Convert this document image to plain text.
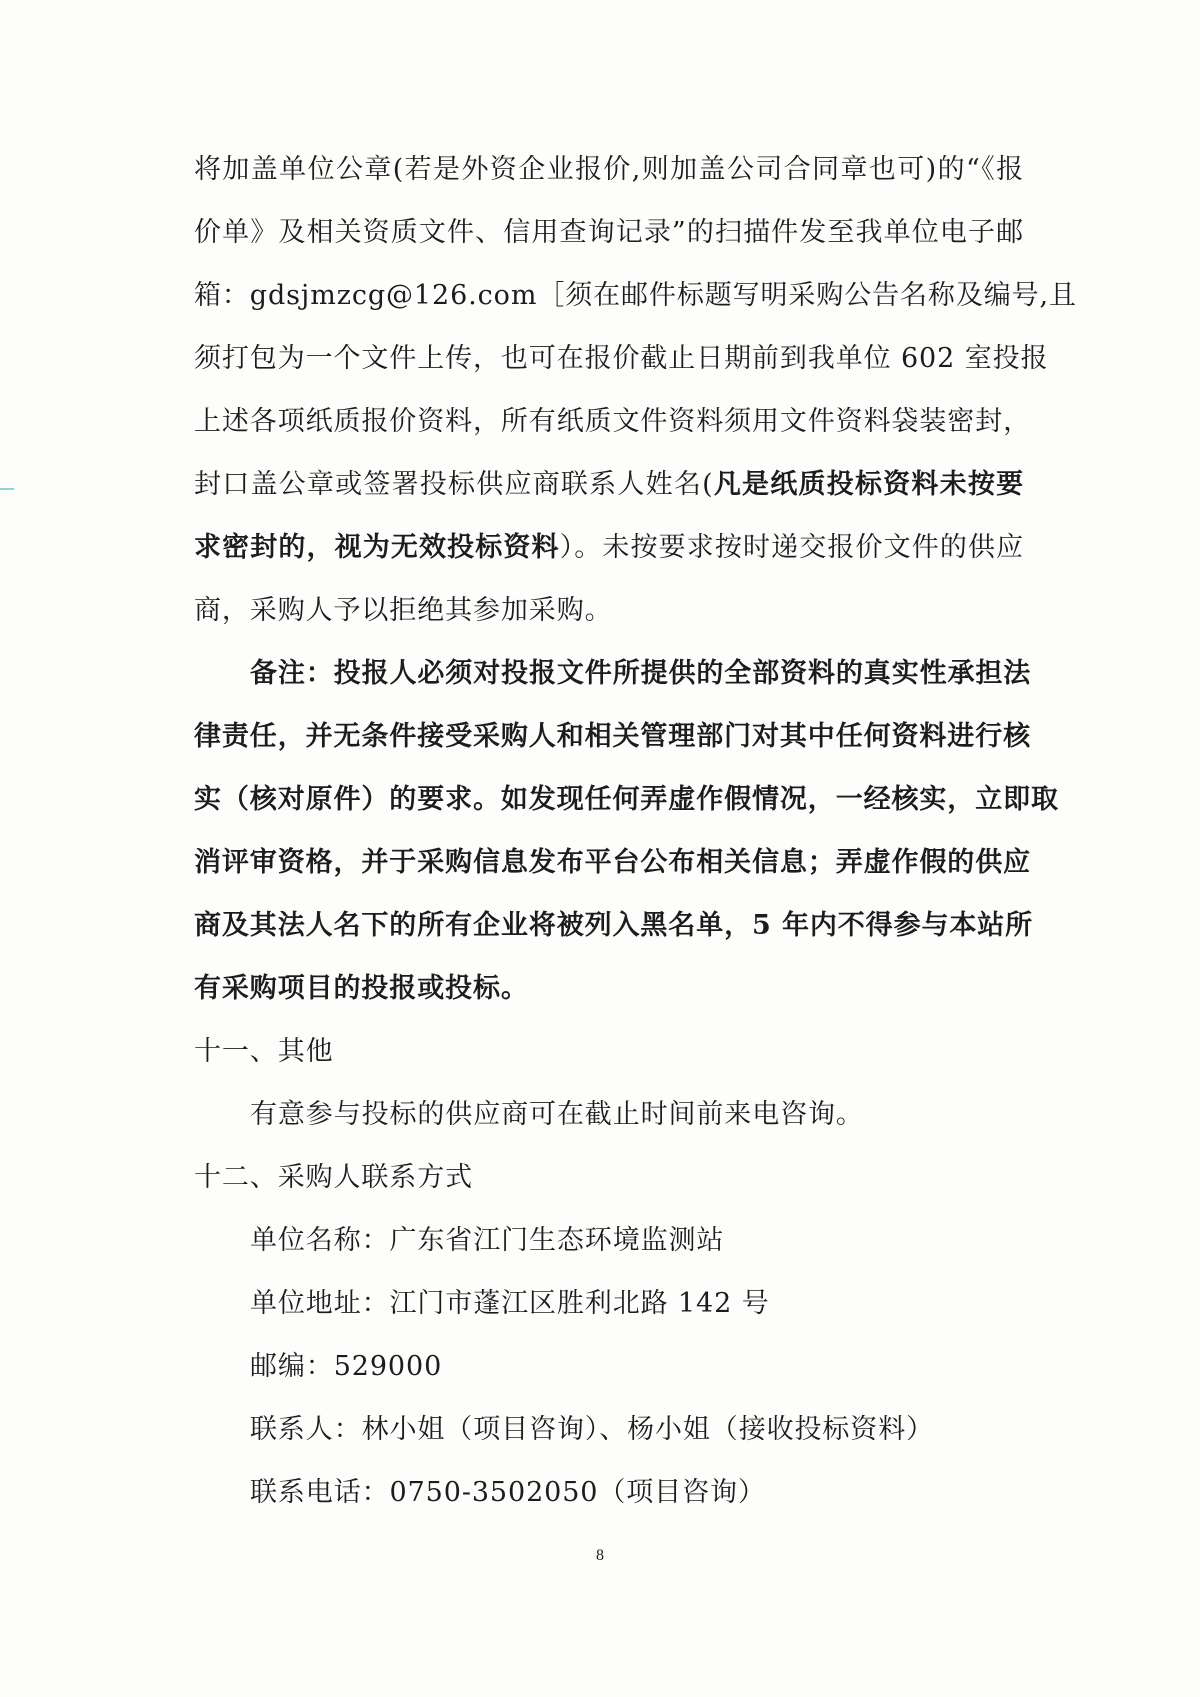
将加盖单位公章(若是外资企业报价,则加盖公司合同章也可)的“《报
价单》及相关资质文件、信用查询记录”的扫描件发至我单位电子邮
箱：gdsjmzcg@126.com［须在邮件标题写明采购公告名称及编号,且
须打包为一个文件上传，也可在报价截止日期前到我单位 602 室投报
上述各项纸质报价资料，所有纸质文件资料须用文件资料袋装密封，
封口盖公章或签署投标供应商联系人姓名(凡是纸质投标资料未按要
求密封的，视为无效投标资料）。未按要求按时递交报价文件的供应
商，采购人予以拒绝其参加采购。
备注：投报人必须对投报文件所提供的全部资料的真实性承担法
律责任，并无条件接受采购人和相关管理部门对其中任何资料进行核
实（核对原件）的要求。如发现任何弄虚作假情况，一经核实，立即取
消评审资格，并于采购信息发布平台公布相关信息；弄虚作假的供应
商及其法人名下的所有企业将被列入黑名单，5 年内不得参与本站所
有采购项目的投报或投标。
十一、其他
有意参与投标的供应商可在截止时间前来电咨询。
十二、采购人联系方式
单位名称：广东省江门生态环境监测站
单位地址：江门市蓬江区胜利北路 142 号
邮编：529000
联系人：林小姐（项目咨询）、杨小姐（接收投标资料）
联系电话：0750-3502050（项目咨询）
8
